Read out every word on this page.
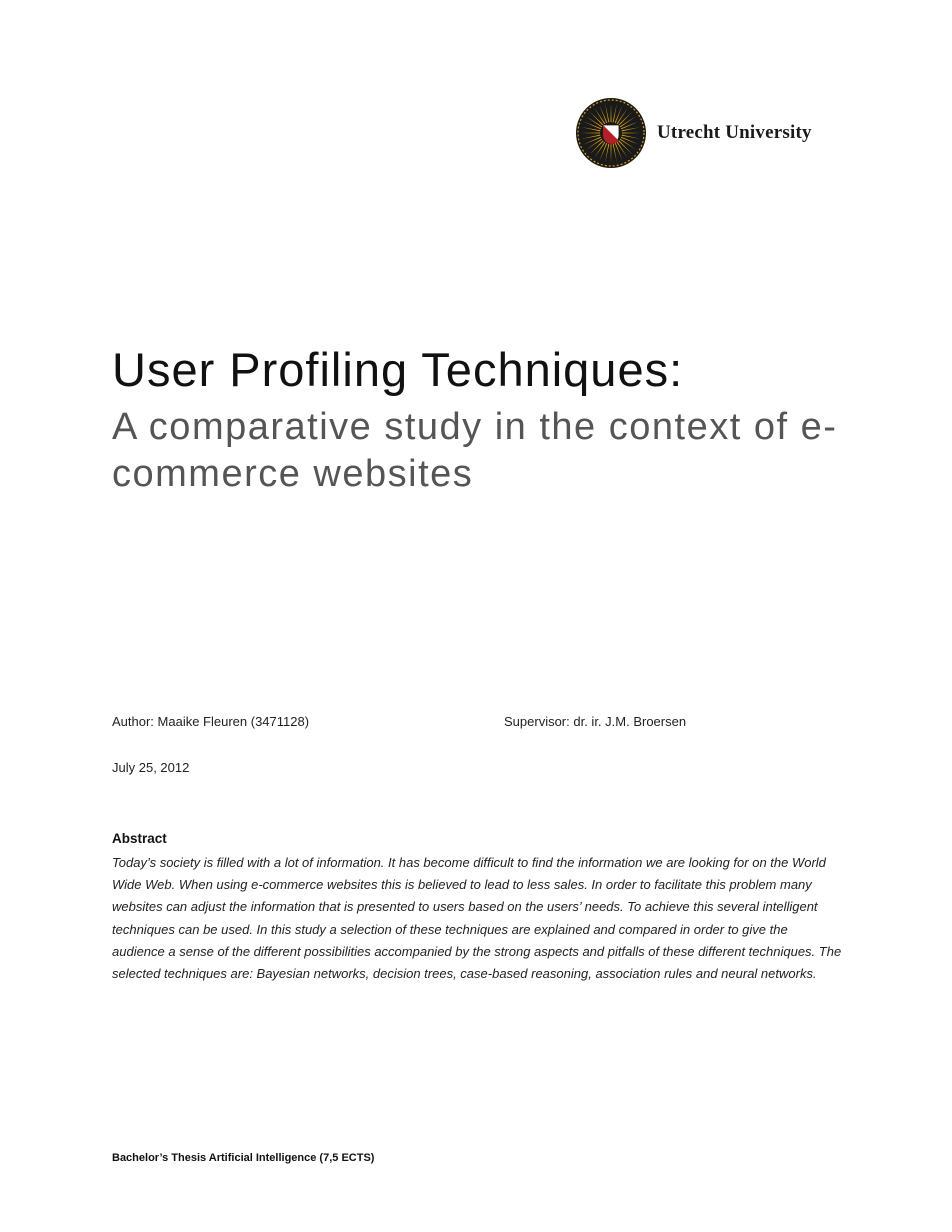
Utrecht University
User Profiling Techniques:
A comparative study in the context of e-commerce websites
Author: Maaike Fleuren (3471128)	Supervisor: dr. ir. J.M. Broersen
July 25, 2012
Abstract

Today’s society is filled with a lot of information. It has become difficult to find the information we are looking for on the World Wide Web. When using e-commerce websites this is believed to lead to less sales. In order to facilitate this problem many websites can adjust the information that is presented to users based on the users’ needs. To achieve this several intelligent techniques can be used. In this study a selection of these techniques are explained and compared in order to give the audience a sense of the different possibilities accompanied by the strong aspects and pitfalls of these different techniques. The selected techniques are: Bayesian networks, decision trees, case-based reasoning, association rules and neural networks.

Bachelor’s Thesis Artificial Intelligence (7,5 ECTS)
